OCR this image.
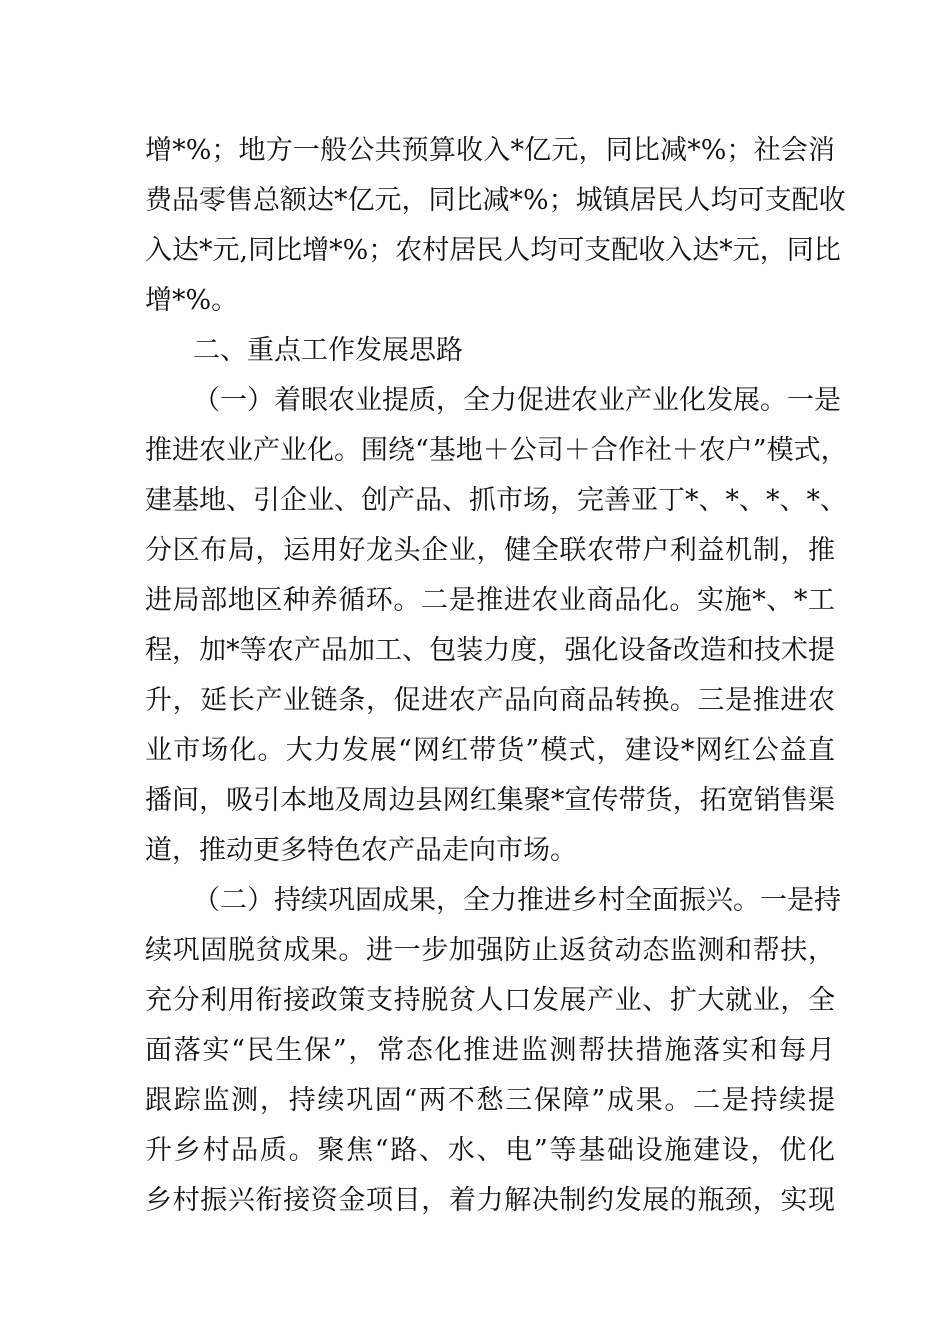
增*%；地方一般公共预算收入*亿元，同比减*%；社会消
费品零售总额达*亿元，同比减*%；城镇居民人均可支配收
入达*元,同比增*%；农村居民人均可支配收入达*元，同比
增*%。
二、重点工作发展思路
（一）着眼农业提质，全力促进农业产业化发展。一是
推进农业产业化。围绕“基地＋公司＋合作社＋农户”模式，
建基地、引企业、创产品、抓市场，完善亚丁*、*、*、*、
分区布局，运用好龙头企业，健全联农带户利益机制，推
进局部地区种养循环。二是推进农业商品化。实施*、*工
程，加*等农产品加工、包装力度，强化设备改造和技术提
升，延长产业链条，促进农产品向商品转换。三是推进农
业市场化。大力发展“网红带货”模式，建设*网红公益直
播间，吸引本地及周边县网红集聚*宣传带货，拓宽销售渠
道，推动更多特色农产品走向市场。
（二）持续巩固成果，全力推进乡村全面振兴。一是持
续巩固脱贫成果。进一步加强防止返贫动态监测和帮扶，
充分利用衔接政策支持脱贫人口发展产业、扩大就业，全
面落实“民生保”，常态化推进监测帮扶措施落实和每月
跟踪监测，持续巩固“两不愁三保障”成果。二是持续提
升乡村品质。聚焦“路、水、电”等基础设施建设，优化
乡村振兴衔接资金项目，着力解决制约发展的瓶颈，实现
